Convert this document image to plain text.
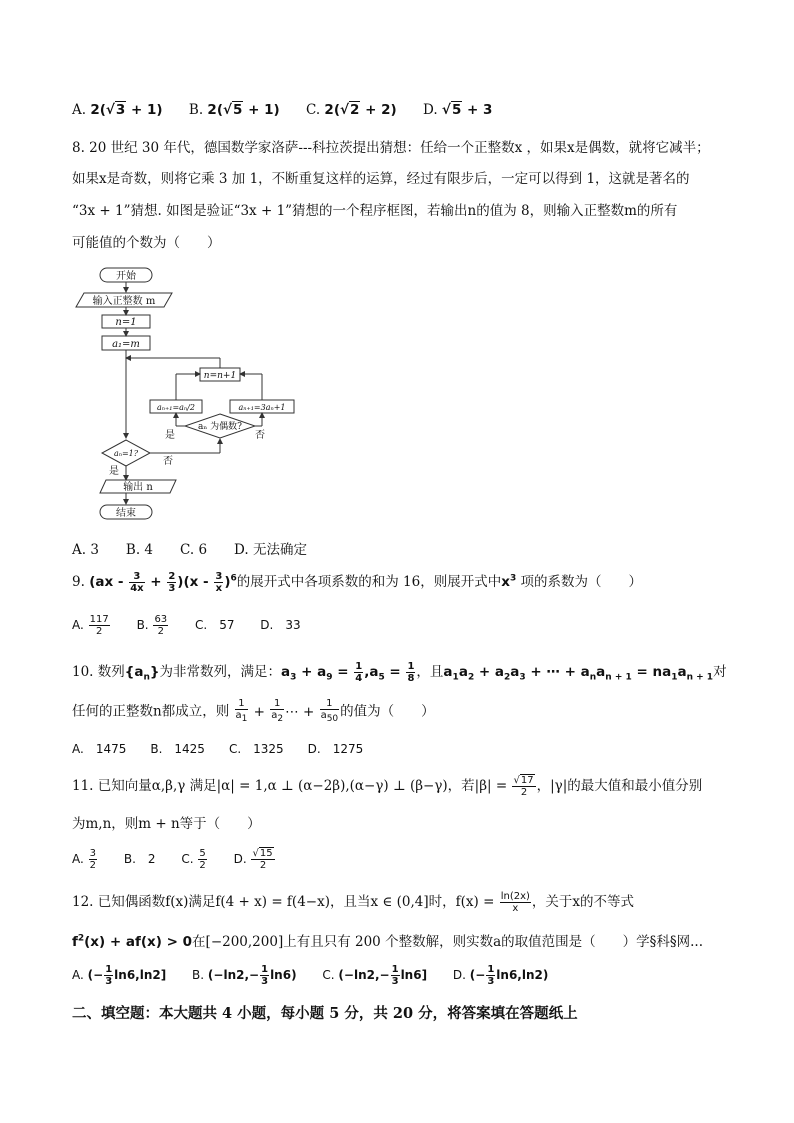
A. 2(√3 + 1) B. 2(√5 + 1) C. 2(√2 + 2) D. √5 + 3
8. 20 世纪 30 年代，德国数学家洛萨---科拉茨提出猜想：任给一个正整数x ，如果x是偶数，就将它减半；
如果x是奇数，则将它乘 3 加 1，不断重复这样的运算，经过有限步后，一定可以得到 1，这就是著名的
“3x + 1”猜想. 如图是验证“3x + 1”猜想的一个程序框图，若输出n的值为 8，则输入正整数m的所有
可能值的个数为（　　）
开始
输入正整数 m
n=1
a₁=m
n=n+1
aₙ₊₁=aₙ/2	aₙ₊₁=3aₙ+1
aₙ 为偶数?
是	否
aₙ=1?
否
是
输出 n
结束
A. 3　　B. 4　　C. 6　　D. 无法确定
9. $(ax - \frac{3}{4x} + \frac{2}{3} )(x - \frac{3}{x} )^6$的展开式中各项系数的和为 16，则展开式中$x^3$ 项的系数为（　　）
A. $\frac{117}{2} B$. $\frac{63}{2} C$.　57 D.　33
10. 数列$\{a_n\}$为非常数列，满足：$a_3 + a_9 = \frac{1}{4} ,a_5 = \frac{1}{8}$ ，且$a_1a_2 + a_2a_3$ + ⋯ + $a_na_{n + 1} = na_1a_{n + 1}$对
任何的正整数n都成立，则 $\frac{1}{a_1} + \frac{1}{a_2}$ ⋯ + $\frac{1}{a_{50}}$ 的值为（　　）
A.　1475　　B.　1425　　C.　1325　　D.　1275
11. 已知向量α,β,γ 满足|α| = 1,α ⊥ (α−2β),(α−γ) ⊥ (β−γ)，若$|\beta| = \frac{√17}{2}$ ，|γ|的最大值和最小值分别
为m,n，则m + n等于（　　）
A. $\frac{3}{2} B$.　2 C. $\frac{5}{2} D$. $\frac{√15}{2}$
12. 已知偶函数f(x)满足f(4 + x) = f(4−x)，且当x ∈ (0,4]时，$f(x) = \frac{\ln(2x)}{x}$ ，关于x的不等式
$f^2(x) + af(x) > 0$在[−200,200]上有且只有 200 个整数解，则实数a的取值范围是（　　）学§科§网...
A. (− $\frac{1}{3} \ln 6,\ln 2$] B. $(-\ln 2,- \frac{1}{3} \ln 6)$ C. $(-\ln 2,- \frac{1}{3} \ln 6]$ D. (− $\frac{1}{3} \ln 6,\ln 2$)
二、填空题：本大题共 4 小题，每小题 5 分，共 20 分，将答案填在答题纸上
